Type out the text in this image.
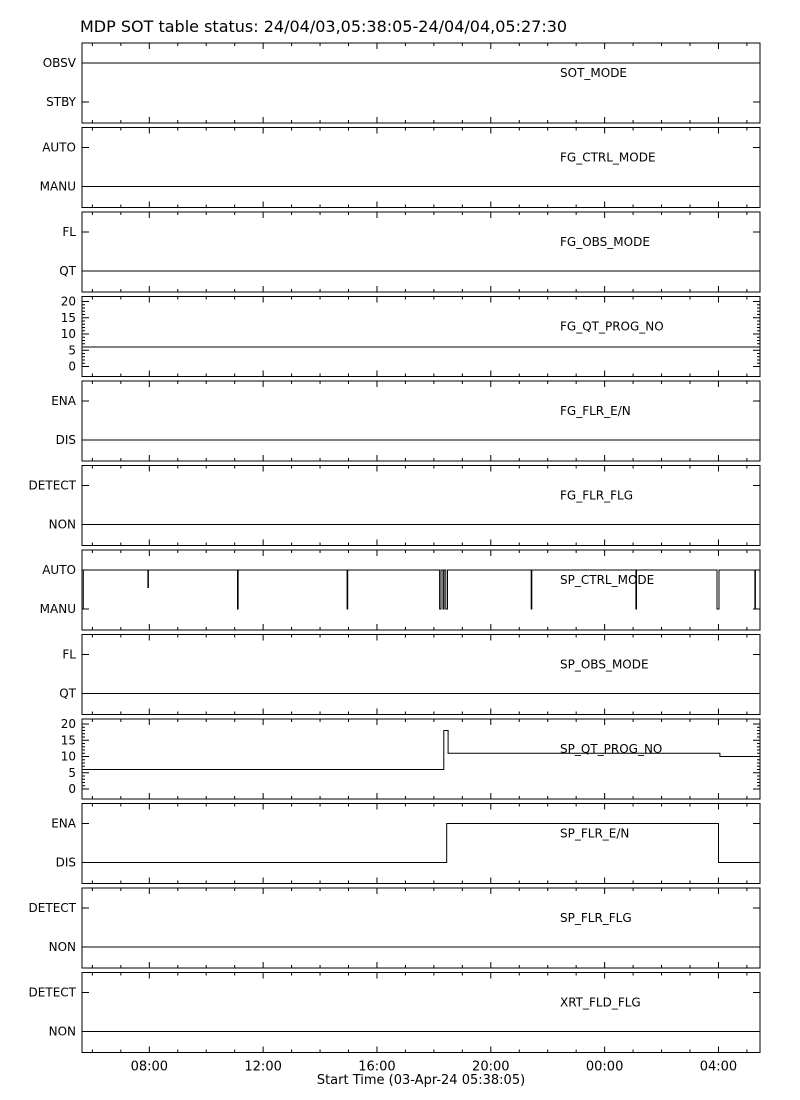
MDP SOT table status: 24/04/03,05:38:05-24/04/04,05:27:30
OBSV
STBY
SOT_MODE
AUTO
MANU
FG_CTRL_MODE
FL
QT
FG_OBS_MODE
0
5
10
15
20
FG_QT_PROG_NO
ENA
DIS
FG_FLR_E/N
DETECT
NON
FG_FLR_FLG
AUTO
MANU
SP_CTRL_MODE
FL
QT
SP_OBS_MODE
0
5
10
15
20
SP_QT_PROG_NO
ENA
DIS
SP_FLR_E/N
DETECT
NON
SP_FLR_FLG
DETECT
NON
XRT_FLD_FLG
08:00	12:00	16:00	20:00	00:00	04:00
Start Time (03-Apr-24 05:38:05)
